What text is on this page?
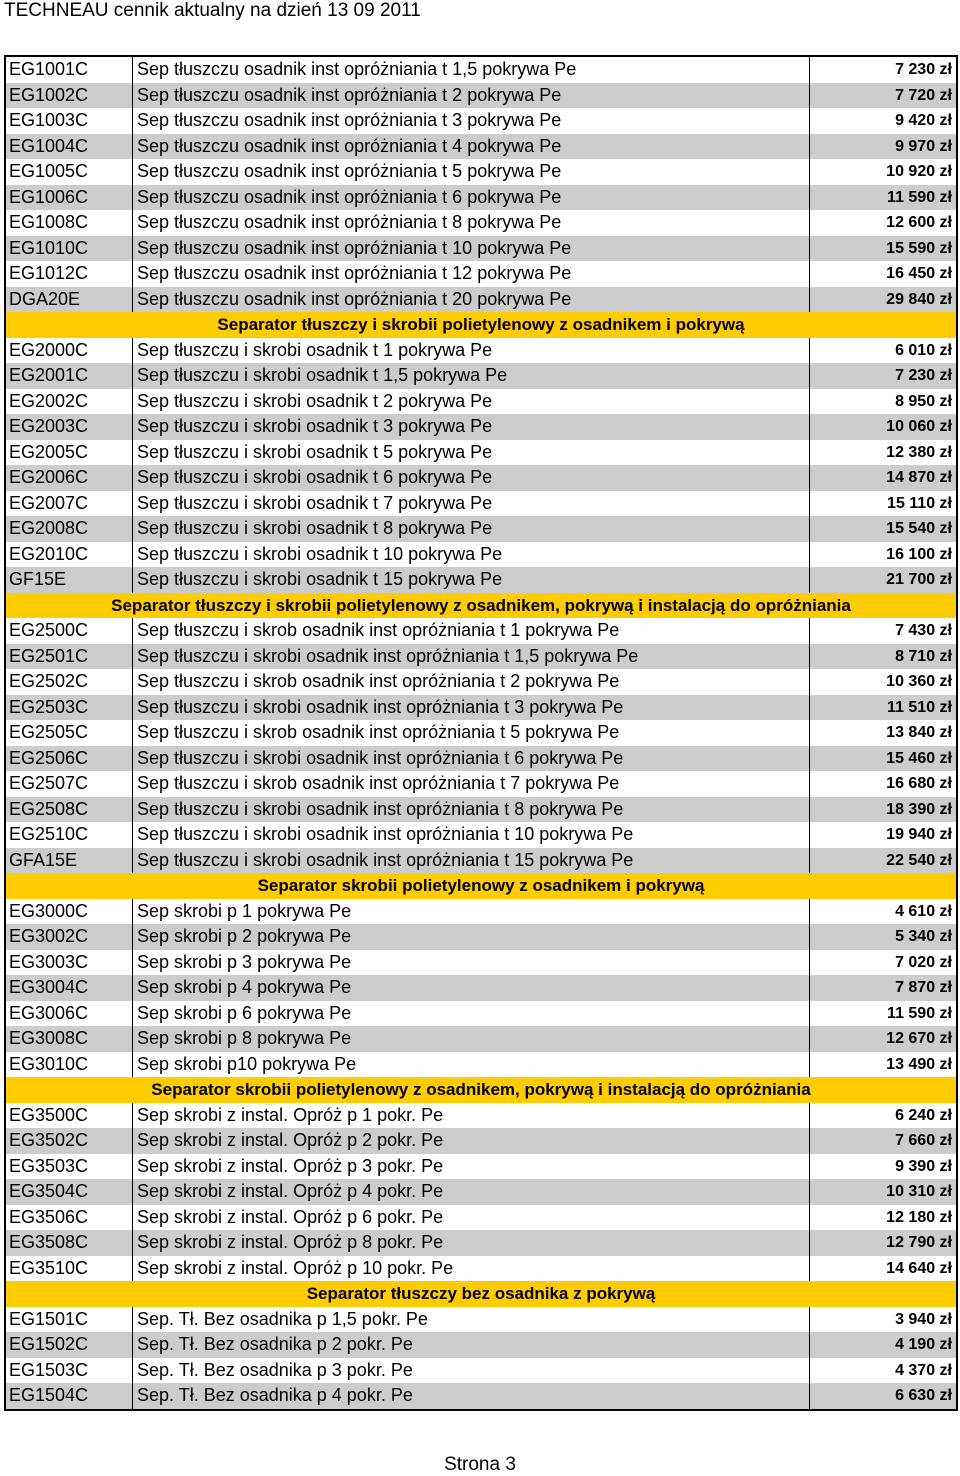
TECHNEAU cennik aktualny na dzień 13 09 2011
EG1001C	Sep tłuszczu osadnik inst opróżniania t 1,5 pokrywa Pe	7 230 zł
EG1002C	Sep tłuszczu osadnik inst opróżniania t 2 pokrywa Pe	7 720 zł
EG1003C	Sep tłuszczu osadnik inst opróżniania t 3 pokrywa Pe	9 420 zł
EG1004C	Sep tłuszczu osadnik inst opróżniania t 4 pokrywa Pe	9 970 zł
EG1005C	Sep tłuszczu osadnik inst opróżniania t 5 pokrywa Pe	10 920 zł
EG1006C	Sep tłuszczu osadnik inst opróżniania t 6 pokrywa Pe	11 590 zł
EG1008C	Sep tłuszczu osadnik inst opróżniania t 8 pokrywa Pe	12 600 zł
EG1010C	Sep tłuszczu osadnik inst opróżniania t 10 pokrywa Pe	15 590 zł
EG1012C	Sep tłuszczu osadnik inst opróżniania t 12 pokrywa Pe	16 450 zł
DGA20E	Sep tłuszczu osadnik inst opróżniania t 20 pokrywa Pe	29 840 zł
Separator tłuszczy i skrobii polietylenowy z osadnikem i pokrywą		
EG2000C	Sep tłuszczu i skrobi osadnik t 1 pokrywa Pe	6 010 zł
EG2001C	Sep tłuszczu i skrobi osadnik t 1,5 pokrywa Pe	7 230 zł
EG2002C	Sep tłuszczu i skrobi osadnik t 2 pokrywa Pe	8 950 zł
EG2003C	Sep tłuszczu i skrobi osadnik t 3 pokrywa Pe	10 060 zł
EG2005C	Sep tłuszczu i skrobi osadnik t 5 pokrywa Pe	12 380 zł
EG2006C	Sep tłuszczu i skrobi osadnik t 6 pokrywa Pe	14 870 zł
EG2007C	Sep tłuszczu i skrobi osadnik t 7 pokrywa Pe	15 110 zł
EG2008C	Sep tłuszczu i skrobi osadnik t 8 pokrywa Pe	15 540 zł
EG2010C	Sep tłuszczu i skrobi osadnik t 10 pokrywa Pe	16 100 zł
GF15E	Sep tłuszczu i skrobi osadnik t 15 pokrywa Pe	21 700 zł
Separator tłuszczy i skrobii polietylenowy z osadnikem, pokrywą i instalacją do opróżniania		
EG2500C	Sep tłuszczu i skrob osadnik inst opróżniania t 1 pokrywa Pe	7 430 zł
EG2501C	Sep tłuszczu i skrobi osadnik inst opróżniania t 1,5 pokrywa Pe	8 710 zł
EG2502C	Sep tłuszczu i skrob osadnik inst opróżniania t 2 pokrywa Pe	10 360 zł
EG2503C	Sep tłuszczu i skrobi osadnik inst opróżniania t 3 pokrywa Pe	11 510 zł
EG2505C	Sep tłuszczu i skrob osadnik inst opróżniania t 5 pokrywa Pe	13 840 zł
EG2506C	Sep tłuszczu i skrobi osadnik inst opróżniania t 6 pokrywa Pe	15 460 zł
EG2507C	Sep tłuszczu i skrob osadnik inst opróżniania t 7 pokrywa Pe	16 680 zł
EG2508C	Sep tłuszczu i skrobi osadnik inst opróżniania t 8 pokrywa Pe	18 390 zł
EG2510C	Sep tłuszczu i skrobi osadnik inst opróżniania t 10 pokrywa Pe	19 940 zł
GFA15E	Sep tłuszczu i skrobi osadnik inst opróżniania t 15 pokrywa Pe	22 540 zł
Separator skrobii polietylenowy z osadnikem i pokrywą		
EG3000C	Sep skrobi p 1 pokrywa Pe	4 610 zł
EG3002C	Sep skrobi p 2 pokrywa Pe	5 340 zł
EG3003C	Sep skrobi p 3 pokrywa Pe	7 020 zł
EG3004C	Sep skrobi p 4 pokrywa Pe	7 870 zł
EG3006C	Sep skrobi p 6 pokrywa Pe	11 590 zł
EG3008C	Sep skrobi p 8 pokrywa Pe	12 670 zł
EG3010C	Sep skrobi p10 pokrywa Pe	13 490 zł
Separator skrobii polietylenowy z osadnikem, pokrywą i instalacją do opróżniania		
EG3500C	Sep skrobi z instal. Opróż p 1 pokr. Pe	6 240 zł
EG3502C	Sep skrobi z instal. Opróż p 2 pokr. Pe	7 660 zł
EG3503C	Sep skrobi z instal. Opróż p 3 pokr. Pe	9 390 zł
EG3504C	Sep skrobi z instal. Opróż p 4 pokr. Pe	10 310 zł
EG3506C	Sep skrobi z instal. Opróż p 6 pokr. Pe	12 180 zł
EG3508C	Sep skrobi z instal. Opróż p 8 pokr. Pe	12 790 zł
EG3510C	Sep skrobi z instal. Opróż p 10 pokr. Pe	14 640 zł
Separator tłuszczy bez osadnika z pokrywą		
EG1501C	Sep. Tł. Bez osadnika p 1,5 pokr. Pe	3 940 zł
EG1502C	Sep. Tł. Bez osadnika p 2 pokr. Pe	4 190 zł
EG1503C	Sep. Tł. Bez osadnika p 3 pokr. Pe	4 370 zł
EG1504C	Sep. Tł. Bez osadnika p 4 pokr. Pe	6 630 zł
Strona 3
